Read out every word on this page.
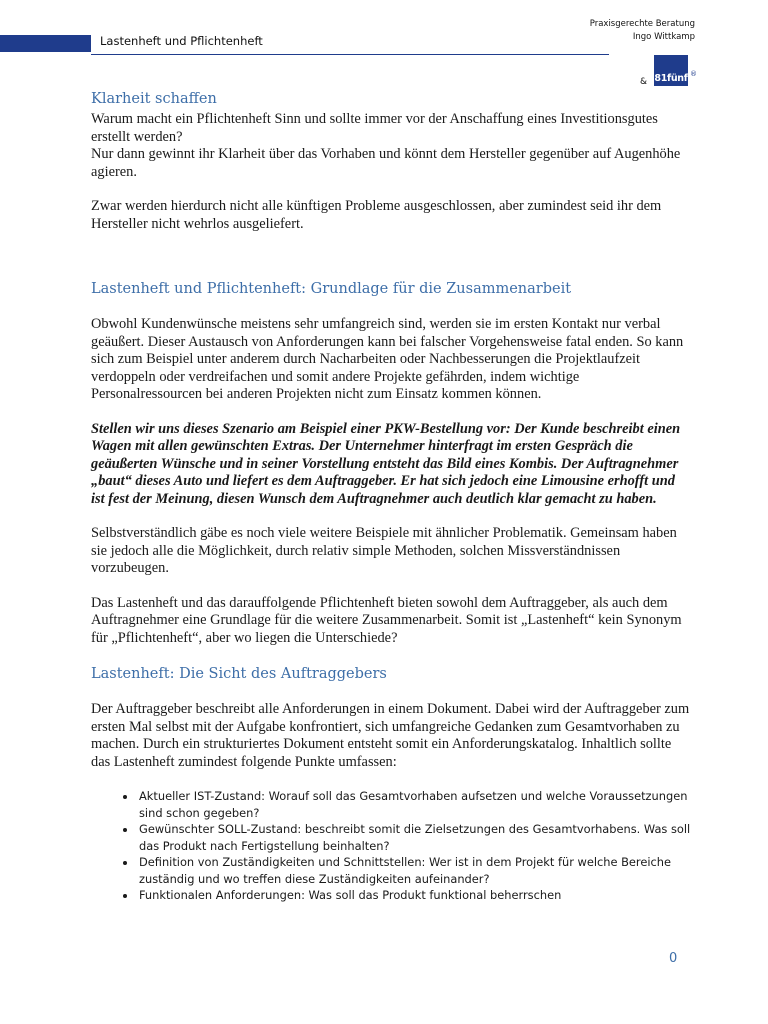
Lastenheft und Pflichtenheft
Praxisgerechte Beratung
Ingo Wittkamp
& 81fünf ®
Klarheit schaffen

Warum macht ein Pflichtenheft Sinn und sollte immer vor der Anschaffung eines Investitionsgutes erstellt werden?

Nur dann gewinnt ihr Klarheit über das Vorhaben und könnt dem Hersteller gegenüber auf Augenhöhe agieren.

Zwar werden hierdurch nicht alle künftigen Probleme ausgeschlossen, aber zumindest seid ihr dem Hersteller nicht wehrlos ausgeliefert.

Lastenheft und Pflichtenheft: Grundlage für die Zusammenarbeit

Obwohl Kundenwünsche meistens sehr umfangreich sind, werden sie im ersten Kontakt nur verbal geäußert. Dieser Austausch von Anforderungen kann bei falscher Vorgehensweise fatal enden. So kann sich zum Beispiel unter anderem durch Nacharbeiten oder Nachbesserungen die Projektlaufzeit verdoppeln oder verdreifachen und somit andere Projekte gefährden, indem wichtige Personalressourcen bei anderen Projekten nicht zum Einsatz kommen können.

Stellen wir uns dieses Szenario am Beispiel einer PKW-Bestellung vor: Der Kunde beschreibt einen Wagen mit allen gewünschten Extras. Der Unternehmer hinterfragt im ersten Gespräch die geäußerten Wünsche und in seiner Vorstellung entsteht das Bild eines Kombis. Der Auftragnehmer „baut“ dieses Auto und liefert es dem Auftraggeber. Er hat sich jedoch eine Limousine erhofft und ist fest der Meinung, diesen Wunsch dem Auftragnehmer auch deutlich klar gemacht zu haben.

Selbstverständlich gäbe es noch viele weitere Beispiele mit ähnlicher Problematik. Gemeinsam haben sie jedoch alle die Möglichkeit, durch relativ simple Methoden, solchen Missverständnissen vorzubeugen.

Das Lastenheft und das darauffolgende Pflichtenheft bieten sowohl dem Auftraggeber, als auch dem Auftragnehmer eine Grundlage für die weitere Zusammenarbeit. Somit ist „Lastenheft“ kein Synonym für „Pflichtenheft“, aber wo liegen die Unterschiede?

Lastenheft: Die Sicht des Auftraggebers

Der Auftraggeber beschreibt alle Anforderungen in einem Dokument. Dabei wird der Auftraggeber zum ersten Mal selbst mit der Aufgabe konfrontiert, sich umfangreiche Gedanken zum Gesamtvorhaben zu machen. Durch ein strukturiertes Dokument entsteht somit ein Anforderungskatalog. Inhaltlich sollte das Lastenheft zumindest folgende Punkte umfassen:

• Aktueller IST-Zustand: Worauf soll das Gesamtvorhaben aufsetzen und welche Voraussetzungen sind schon gegeben?
• Gewünschter SOLL-Zustand: beschreibt somit die Zielsetzungen des Gesamtvorhabens. Was soll das Produkt nach Fertigstellung beinhalten?
• Definition von Zuständigkeiten und Schnittstellen: Wer ist in dem Projekt für welche Bereiche zuständig und wo treffen diese Zuständigkeiten aufeinander?
• Funktionalen Anforderungen: Was soll das Produkt funktional beherrschen
0
